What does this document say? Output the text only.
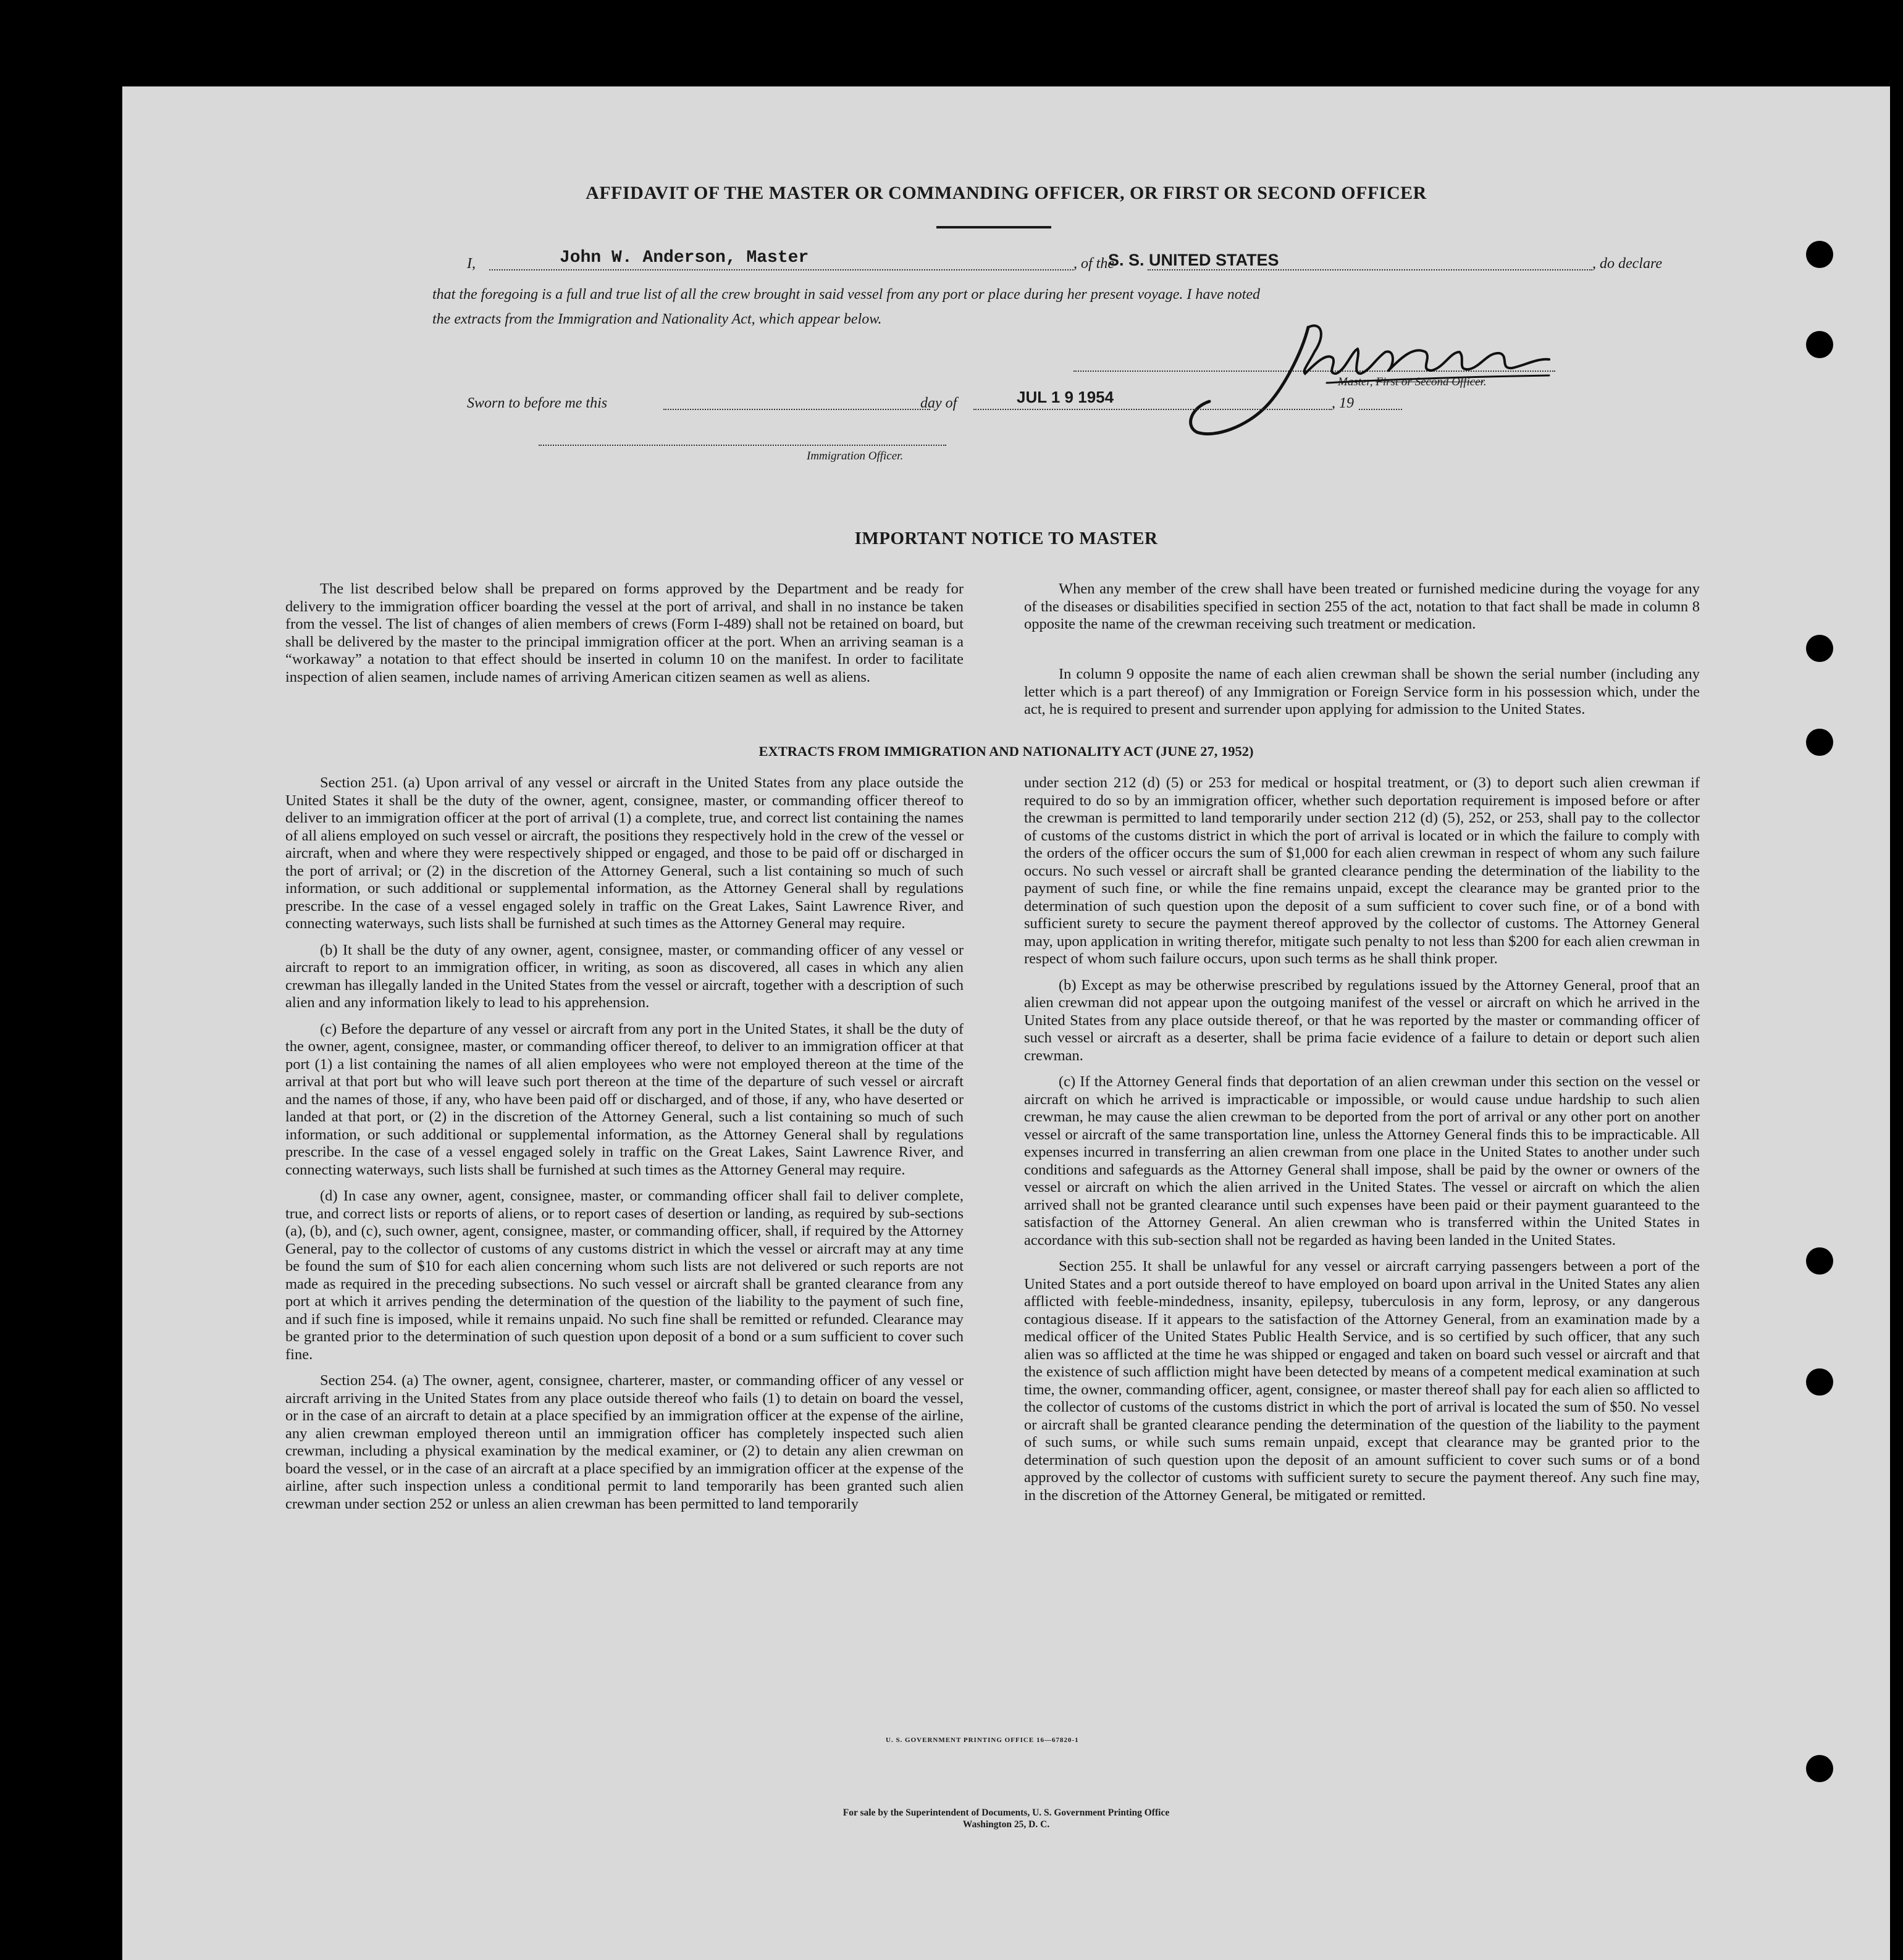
AFFIDAVIT OF THE MASTER OR COMMANDING OFFICER, OR FIRST OR SECOND OFFICER
I,	John W. Anderson, Master	, of the
S. S. UNITED STATES	, do declare
that the foregoing is a full and true list of all the crew brought in said vessel from any port or place during her present voyage. I have noted
the extracts from the Immigration and Nationality Act, which appear below.
Master, First or Second Officer.
Sworn to before me this	day of	JUL 1 9 1954	, 19
Immigration Officer.
IMPORTANT NOTICE TO MASTER

The list described below shall be prepared on forms approved by the Department and be ready for delivery to the immigration officer boarding the vessel at the port of arrival, and shall in no instance be taken from the vessel. The list of changes of alien members of crews (Form I-489) shall not be retained on board, but shall be delivered by the master to the principal immigration officer at the port. When an arriving seaman is a “workaway” a notation to that effect should be inserted in column 10 on the manifest. In order to facilitate inspection of alien seamen, include names of arriving American citizen seamen as well as aliens.

When any member of the crew shall have been treated or furnished medicine during the voyage for any of the diseases or disabilities specified in section 255 of the act, notation to that fact shall be made in column 8 opposite the name of the crewman receiving such treatment or medication.

In column 9 opposite the name of each alien crewman shall be shown the serial number (including any letter which is a part thereof) of any Immigration or Foreign Service form in his possession which, under the act, he is required to present and surrender upon applying for admission to the United States.

EXTRACTS FROM IMMIGRATION AND NATIONALITY ACT (JUNE 27, 1952)

Section 251. (a) Upon arrival of any vessel or aircraft in the United States from any place outside the United States it shall be the duty of the owner, agent, consignee, master, or commanding officer thereof to deliver to an immigration officer at the port of arrival (1) a complete, true, and correct list containing the names of all aliens employed on such vessel or aircraft, the positions they respectively hold in the crew of the vessel or aircraft, when and where they were respectively shipped or engaged, and those to be paid off or discharged in the port of arrival; or (2) in the discretion of the Attorney General, such a list containing so much of such information, or such additional or supplemental information, as the Attorney General shall by regulations prescribe. In the case of a vessel engaged solely in traffic on the Great Lakes, Saint Lawrence River, and connecting waterways, such lists shall be furnished at such times as the Attorney General may require.

(b) It shall be the duty of any owner, agent, consignee, master, or commanding officer of any vessel or aircraft to report to an immigration officer, in writing, as soon as discovered, all cases in which any alien crewman has illegally landed in the United States from the vessel or aircraft, together with a description of such alien and any information likely to lead to his apprehension.

(c) Before the departure of any vessel or aircraft from any port in the United States, it shall be the duty of the owner, agent, consignee, master, or commanding officer thereof, to deliver to an immigration officer at that port (1) a list containing the names of all alien employees who were not employed thereon at the time of the arrival at that port but who will leave such port thereon at the time of the departure of such vessel or aircraft and the names of those, if any, who have been paid off or discharged, and of those, if any, who have deserted or landed at that port, or (2) in the discretion of the Attorney General, such a list containing so much of such information, or such additional or supplemental information, as the Attorney General shall by regulations prescribe. In the case of a vessel engaged solely in traffic on the Great Lakes, Saint Lawrence River, and connecting waterways, such lists shall be furnished at such times as the Attorney General may require.

(d) In case any owner, agent, consignee, master, or commanding officer shall fail to deliver complete, true, and correct lists or reports of aliens, or to report cases of desertion or landing, as required by sub-sections (a), (b), and (c), such owner, agent, consignee, master, or commanding officer, shall, if required by the Attorney General, pay to the collector of customs of any customs district in which the vessel or aircraft may at any time be found the sum of $10 for each alien concerning whom such lists are not delivered or such reports are not made as required in the preceding subsections. No such vessel or aircraft shall be granted clearance from any port at which it arrives pending the determination of the question of the liability to the payment of such fine, and if such fine is imposed, while it remains unpaid. No such fine shall be remitted or refunded. Clearance may be granted prior to the determination of such question upon deposit of a bond or a sum sufficient to cover such fine.

Section 254. (a) The owner, agent, consignee, charterer, master, or commanding officer of any vessel or aircraft arriving in the United States from any place outside thereof who fails (1) to detain on board the vessel, or in the case of an aircraft to detain at a place specified by an immigration officer at the expense of the airline, any alien crewman employed thereon until an immigration officer has completely inspected such alien crewman, including a physical examination by the medical examiner, or (2) to detain any alien crewman on board the vessel, or in the case of an aircraft at a place specified by an immigration officer at the expense of the airline, after such inspection unless a conditional permit to land temporarily has been granted such alien crewman under section 252 or unless an alien crewman has been permitted to land temporarily

under section 212 (d) (5) or 253 for medical or hospital treatment, or (3) to deport such alien crewman if required to do so by an immigration officer, whether such deportation requirement is imposed before or after the crewman is permitted to land temporarily under section 212 (d) (5), 252, or 253, shall pay to the collector of customs of the customs district in which the port of arrival is located or in which the failure to comply with the orders of the officer occurs the sum of $1,000 for each alien crewman in respect of whom any such failure occurs. No such vessel or aircraft shall be granted clearance pending the determination of the liability to the payment of such fine, or while the fine remains unpaid, except the clearance may be granted prior to the determination of such question upon the deposit of a sum sufficient to cover such fine, or of a bond with sufficient surety to secure the payment thereof approved by the collector of customs. The Attorney General may, upon application in writing therefor, mitigate such penalty to not less than $200 for each alien crewman in respect of whom such failure occurs, upon such terms as he shall think proper.

(b) Except as may be otherwise prescribed by regulations issued by the Attorney General, proof that an alien crewman did not appear upon the outgoing manifest of the vessel or aircraft on which he arrived in the United States from any place outside thereof, or that he was reported by the master or commanding officer of such vessel or aircraft as a deserter, shall be prima facie evidence of a failure to detain or deport such alien crewman.

(c) If the Attorney General finds that deportation of an alien crewman under this section on the vessel or aircraft on which he arrived is impracticable or impossible, or would cause undue hardship to such alien crewman, he may cause the alien crewman to be deported from the port of arrival or any other port on another vessel or aircraft of the same transportation line, unless the Attorney General finds this to be impracticable. All expenses incurred in transferring an alien crewman from one place in the United States to another under such conditions and safeguards as the Attorney General shall impose, shall be paid by the owner or owners of the vessel or aircraft on which the alien arrived in the United States. The vessel or aircraft on which the alien arrived shall not be granted clearance until such expenses have been paid or their payment guaranteed to the satisfaction of the Attorney General. An alien crewman who is transferred within the United States in accordance with this sub-section shall not be regarded as having been landed in the United States.

Section 255. It shall be unlawful for any vessel or aircraft carrying passengers between a port of the United States and a port outside thereof to have employed on board upon arrival in the United States any alien afflicted with feeble-mindedness, insanity, epilepsy, tuberculosis in any form, leprosy, or any dangerous contagious disease. If it appears to the satisfaction of the Attorney General, from an examination made by a medical officer of the United States Public Health Service, and is so certified by such officer, that any such alien was so afflicted at the time he was shipped or engaged and taken on board such vessel or aircraft and that the existence of such affliction might have been detected by means of a competent medical examination at such time, the owner, commanding officer, agent, consignee, or master thereof shall pay for each alien so afflicted to the collector of customs of the customs district in which the port of arrival is located the sum of $50. No vessel or aircraft shall be granted clearance pending the determination of the question of the liability to the payment of such sums, or while such sums remain unpaid, except that clearance may be granted prior to the determination of such question upon the deposit of an amount sufficient to cover such sums or of a bond approved by the collector of customs with sufficient surety to secure the payment thereof. Any such fine may, in the discretion of the Attorney General, be mitigated or remitted.

U. S. GOVERNMENT PRINTING OFFICE 16—67820-1
For sale by the Superintendent of Documents, U. S. Government Printing Office
Washington 25, D. C.
